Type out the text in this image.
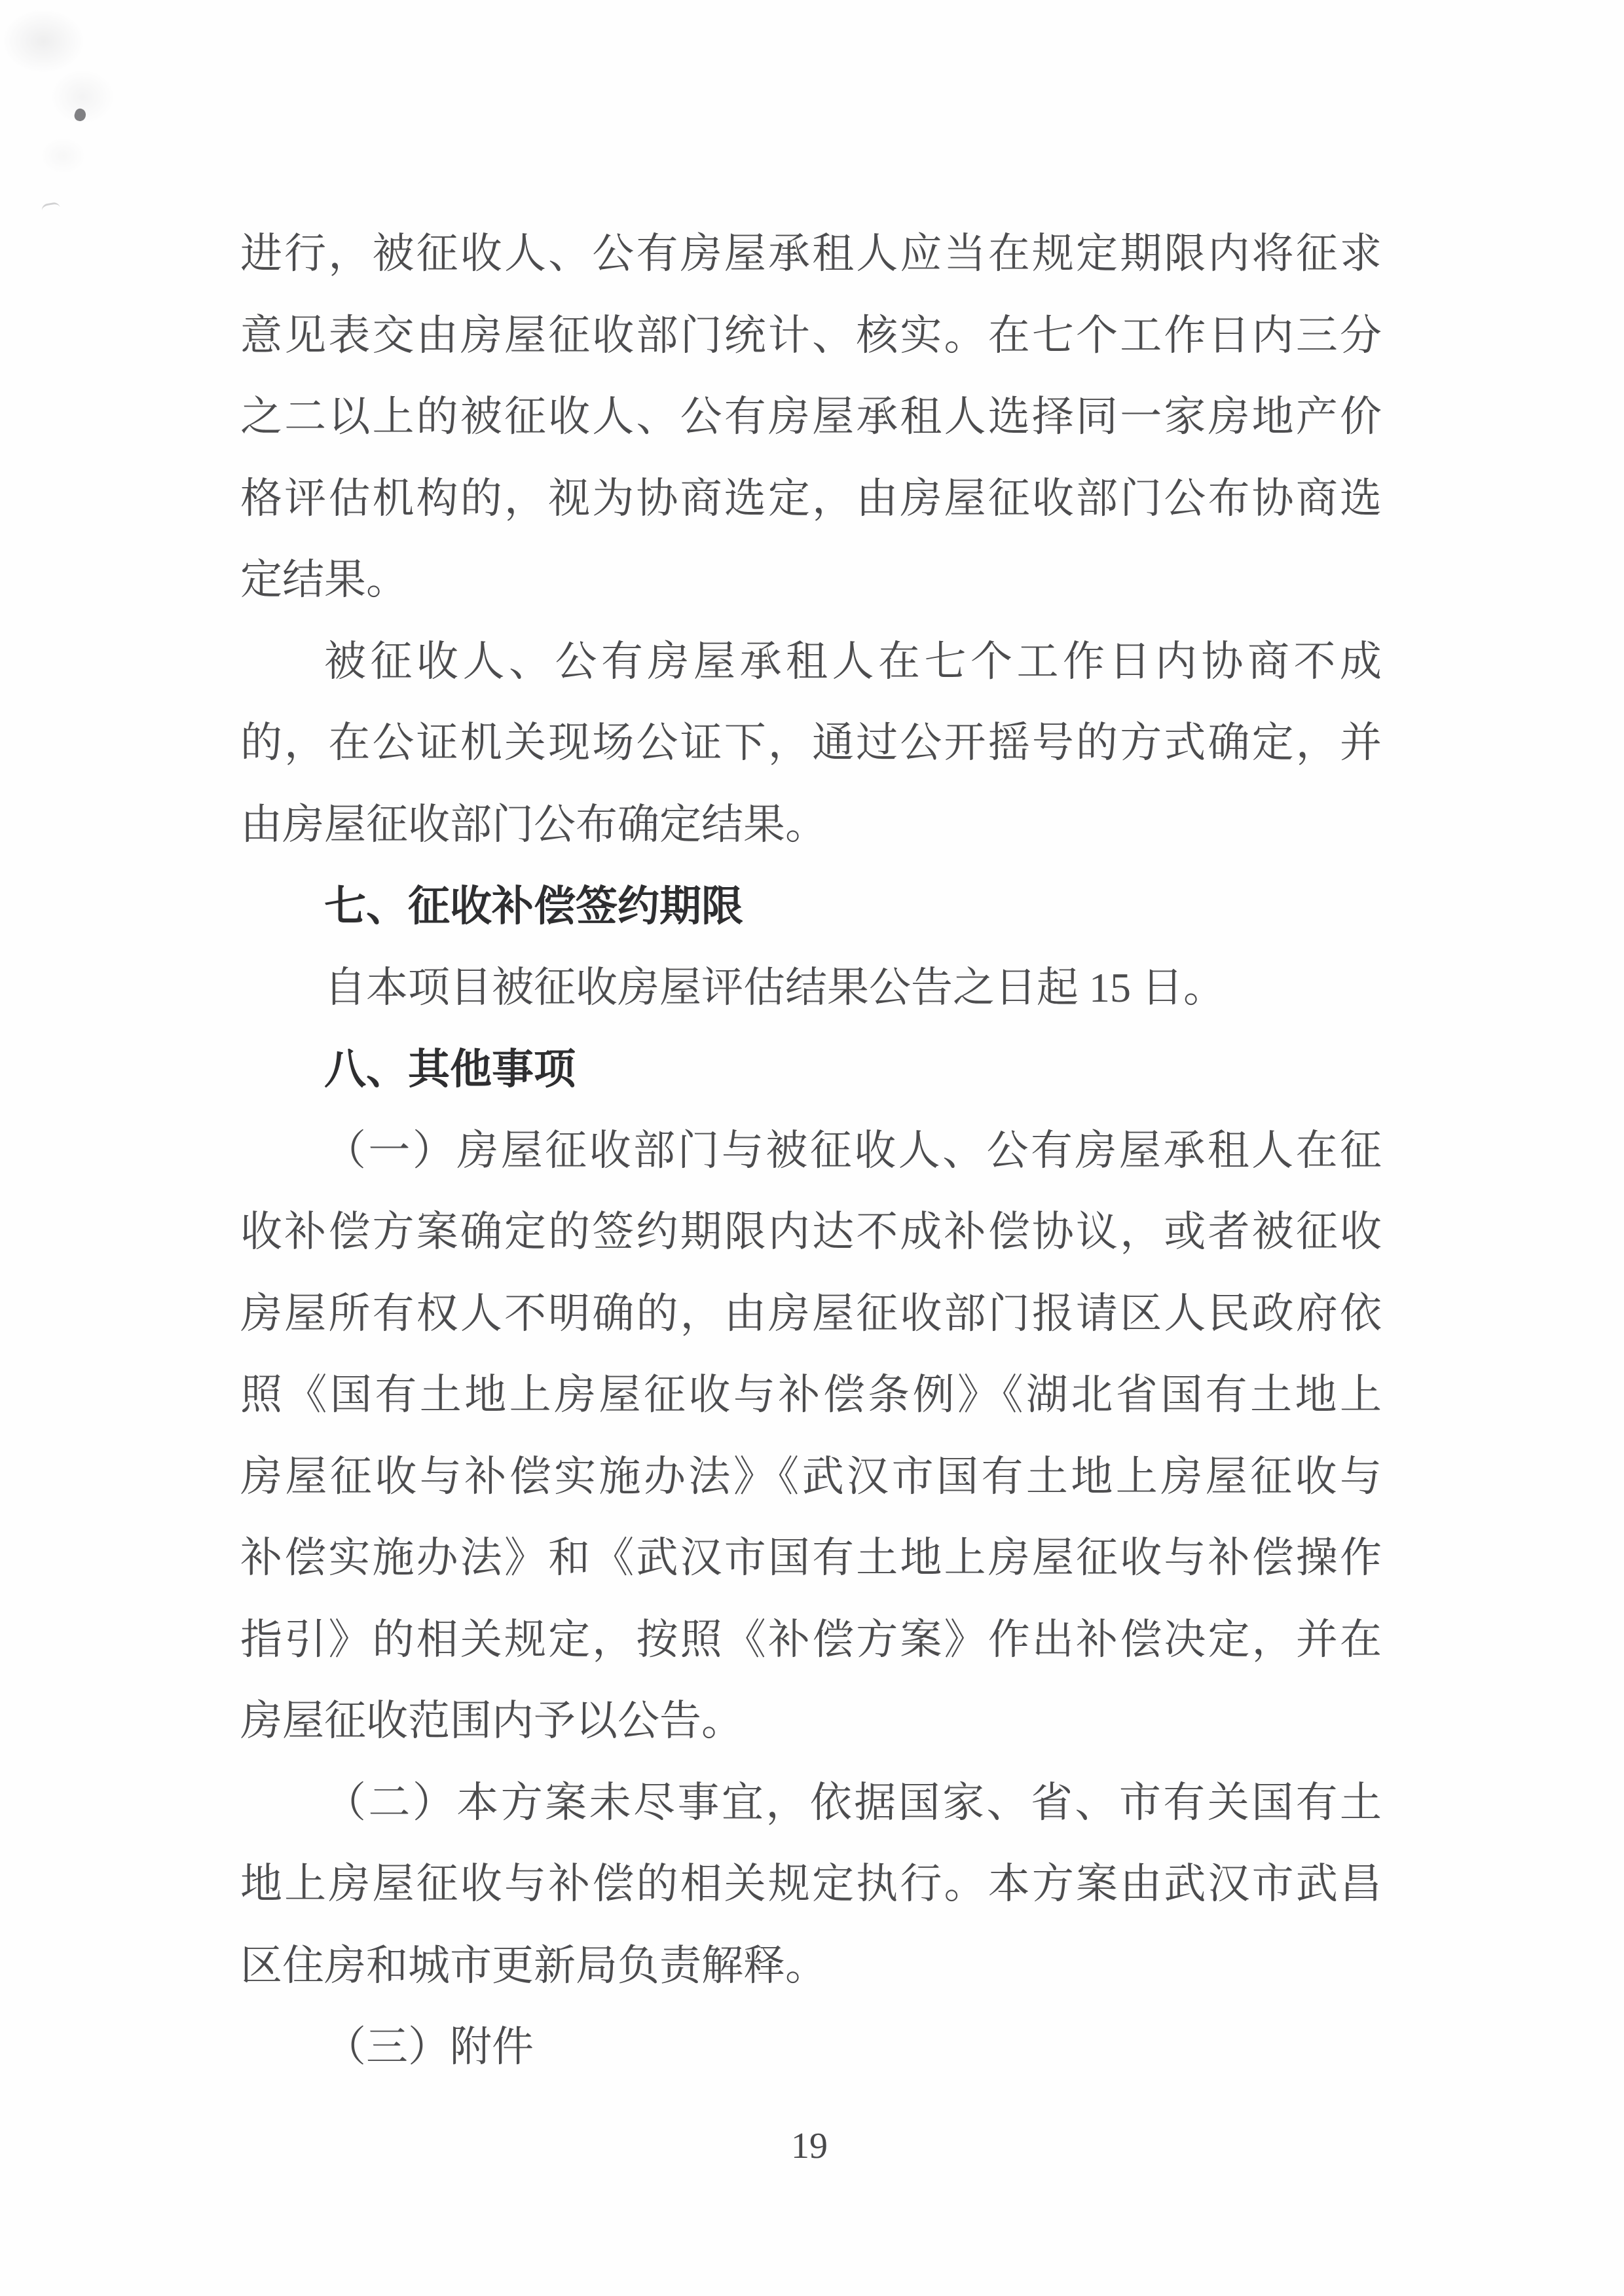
进行，被征收人、公有房屋承租人应当在规定期限内将征求
意见表交由房屋征收部门统计、核实。在七个工作日内三分
之二以上的被征收人、公有房屋承租人选择同一家房地产价
格评估机构的，视为协商选定，由房屋征收部门公布协商选
定结果。
被征收人、公有房屋承租人在七个工作日内协商不成
的，在公证机关现场公证下，通过公开摇号的方式确定，并
由房屋征收部门公布确定结果。
七、征收补偿签约期限
自本项目被征收房屋评估结果公告之日起 15 日。
八、其他事项
（一）房屋征收部门与被征收人、公有房屋承租人在征
收补偿方案确定的签约期限内达不成补偿协议，或者被征收
房屋所有权人不明确的，由房屋征收部门报请区人民政府依
照《国有土地上房屋征收与补偿条例》《湖北省国有土地上
房屋征收与补偿实施办法》《武汉市国有土地上房屋征收与
补偿实施办法》和《武汉市国有土地上房屋征收与补偿操作
指引》的相关规定，按照《补偿方案》作出补偿决定，并在
房屋征收范围内予以公告。
（二）本方案未尽事宜，依据国家、省、市有关国有土
地上房屋征收与补偿的相关规定执行。本方案由武汉市武昌
区住房和城市更新局负责解释。
（三）附件
19
